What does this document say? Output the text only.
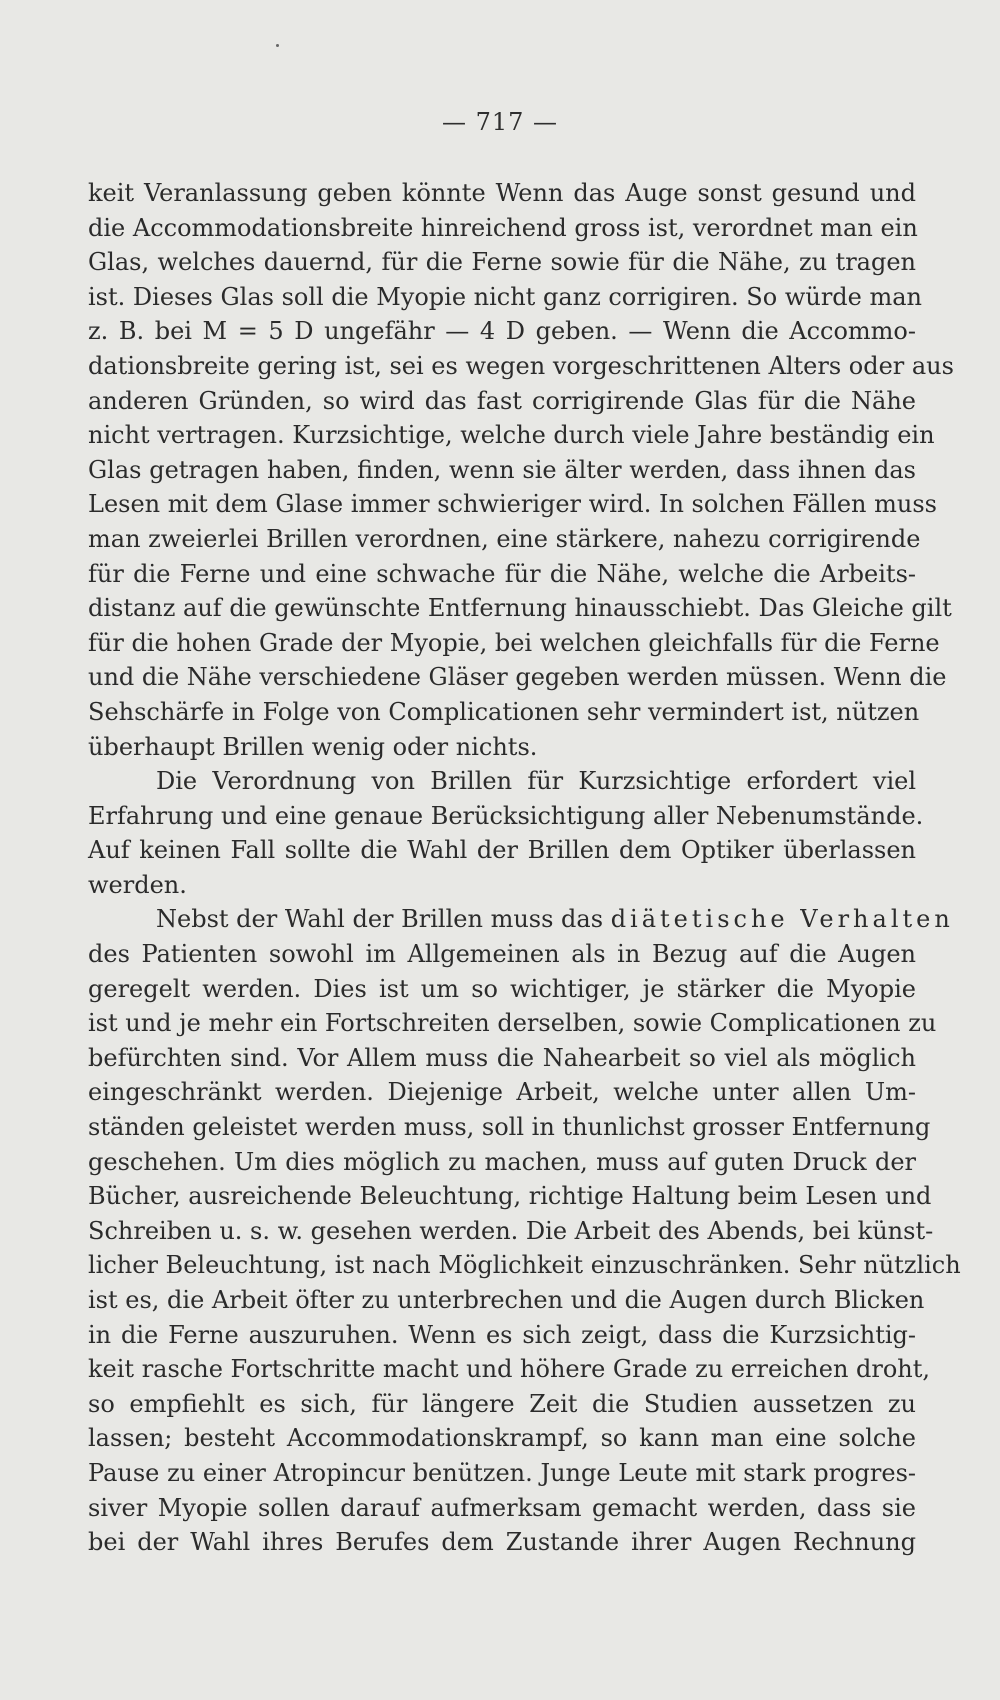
— 717 —
keit Veranlassung geben könnte Wenn das Auge sonst gesund und
die Accommodationsbreite hinreichend gross ist, verordnet man ein
Glas, welches dauernd, für die Ferne sowie für die Nähe, zu tragen
ist. Dieses Glas soll die Myopie nicht ganz corrigiren. So würde man
z. B. bei M = 5 D ungefähr — 4 D geben. — Wenn die Accommo-
dationsbreite gering ist, sei es wegen vorgeschrittenen Alters oder aus
anderen Gründen, so wird das fast corrigirende Glas für die Nähe
nicht vertragen. Kurzsichtige, welche durch viele Jahre beständig ein
Glas getragen haben, finden, wenn sie älter werden, dass ihnen das
Lesen mit dem Glase immer schwieriger wird. In solchen Fällen muss
man zweierlei Brillen verordnen, eine stärkere, nahezu corrigirende
für die Ferne und eine schwache für die Nähe, welche die Arbeits-
distanz auf die gewünschte Entfernung hinausschiebt. Das Gleiche gilt
für die hohen Grade der Myopie, bei welchen gleichfalls für die Ferne
und die Nähe verschiedene Gläser gegeben werden müssen. Wenn die
Sehschärfe in Folge von Complicationen sehr vermindert ist, nützen
überhaupt Brillen wenig oder nichts.
Die Verordnung von Brillen für Kurzsichtige erfordert viel
Erfahrung und eine genaue Berücksichtigung aller Nebenumstände.
Auf keinen Fall sollte die Wahl der Brillen dem Optiker überlassen
werden.
Nebst der Wahl der Brillen muss das diätetische Verhalten
des Patienten sowohl im Allgemeinen als in Bezug auf die Augen
geregelt werden. Dies ist um so wichtiger, je stärker die Myopie
ist und je mehr ein Fortschreiten derselben, sowie Complicationen zu
befürchten sind. Vor Allem muss die Nahearbeit so viel als möglich
eingeschränkt werden. Diejenige Arbeit, welche unter allen Um-
ständen geleistet werden muss, soll in thunlichst grosser Entfernung
geschehen. Um dies möglich zu machen, muss auf guten Druck der
Bücher, ausreichende Beleuchtung, richtige Haltung beim Lesen und
Schreiben u. s. w. gesehen werden. Die Arbeit des Abends, bei künst-
licher Beleuchtung, ist nach Möglichkeit einzuschränken. Sehr nützlich
ist es, die Arbeit öfter zu unterbrechen und die Augen durch Blicken
in die Ferne auszuruhen. Wenn es sich zeigt, dass die Kurzsichtig-
keit rasche Fortschritte macht und höhere Grade zu erreichen droht,
so empfiehlt es sich, für längere Zeit die Studien aussetzen zu
lassen; besteht Accommodationskrampf, so kann man eine solche
Pause zu einer Atropincur benützen. Junge Leute mit stark progres-
siver Myopie sollen darauf aufmerksam gemacht werden, dass sie
bei der Wahl ihres Berufes dem Zustande ihrer Augen Rechnung
